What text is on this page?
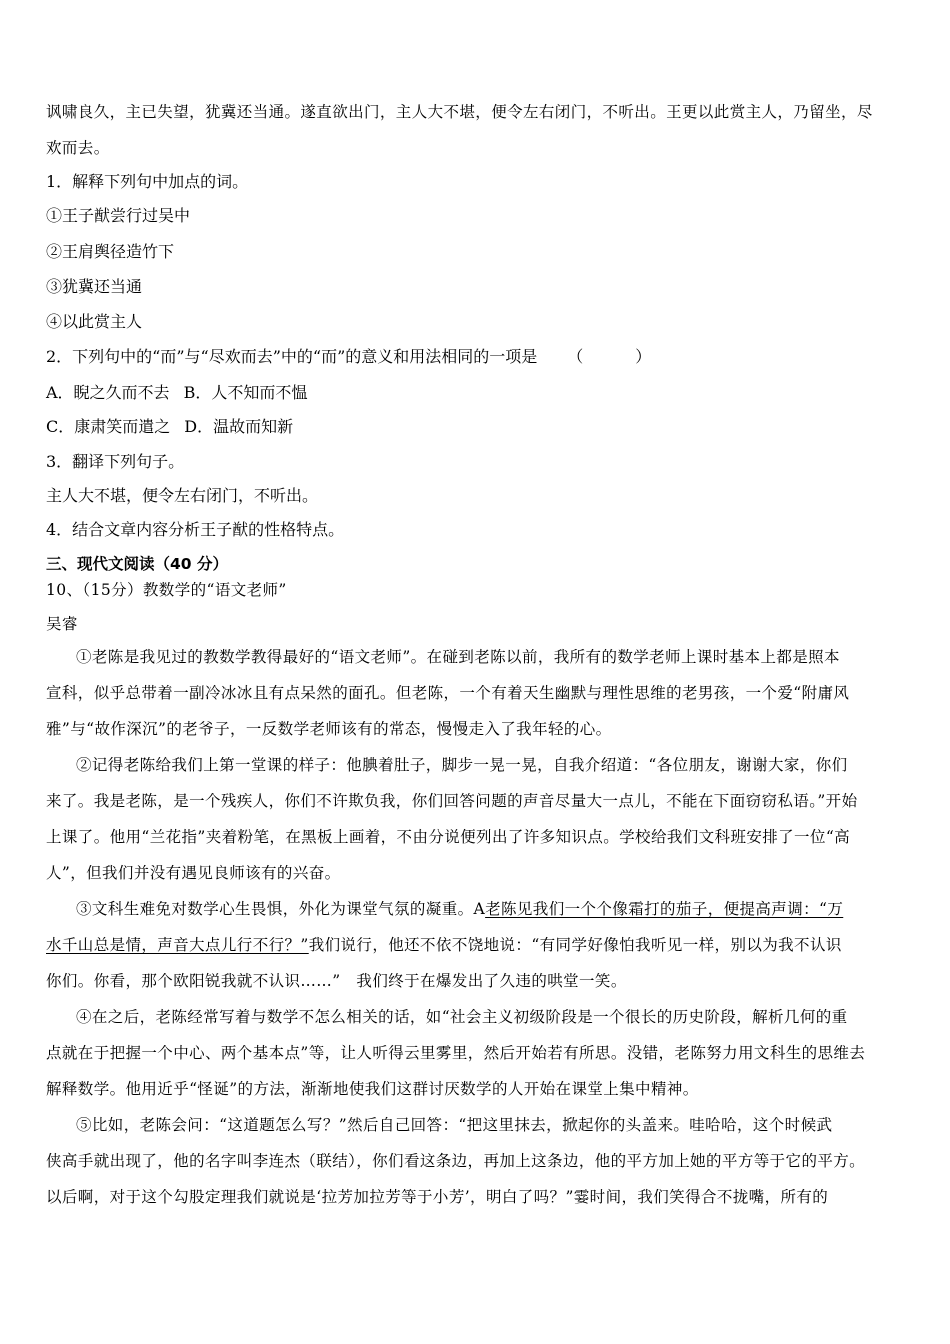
讽啸良久，主已失望，犹冀还当通。遂直欲出门，主人大不堪，便令左右闭门，不听出。王更以此赏主人，乃留坐，尽
欢而去。
1．解释下列句中加点的词。
①王子猷尝行过吴中
②王肩舆径造竹下
③犹冀还当通
④以此赏主人
2．下列句中的“而”与“尽欢而去”中的“而”的意义和用法相同的一项是 （	）
A．睨之久而不去 B．人不知而不愠
C．康肃笑而遣之 D．温故而知新
3．翻译下列句子。
主人大不堪，便令左右闭门，不听出。
4．结合文章内容分析王子猷的性格特点。
三、现代文阅读（40 分）
10、（15分）教数学的“语文老师”
吴睿
①老陈是我见过的教数学教得最好的“语文老师”。在碰到老陈以前，我所有的数学老师上课时基本上都是照本
宣科，似乎总带着一副冷冰冰且有点呆然的面孔。但老陈，一个有着天生幽默与理性思维的老男孩，一个爱“附庸风
雅”与“故作深沉”的老爷子，一反数学老师该有的常态，慢慢走入了我年轻的心。
②记得老陈给我们上第一堂课的样子：他腆着肚子，脚步一晃一晃，自我介绍道：“各位朋友，谢谢大家，你们
来了。我是老陈，是一个残疾人，你们不许欺负我，你们回答问题的声音尽量大一点儿，不能在下面窃窃私语。”开始
上课了。他用“兰花指”夹着粉笔，在黑板上画着，不由分说便列出了许多知识点。学校给我们文科班安排了一位“高
人”，但我们并没有遇见良师该有的兴奋。
③文科生难免对数学心生畏惧，外化为课堂气氛的凝重。A老陈见我们一个个像霜打的茄子，便提高声调：“万
水千山总是情，声音大点儿行不行？”我们说行，他还不依不饶地说：“有同学好像怕我听见一样，别以为我不认识
你们。你看，那个欧阳锐我就不认识……”　我们终于在爆发出了久违的哄堂一笑。
④在之后，老陈经常写着与数学不怎么相关的话，如“社会主义初级阶段是一个很长的历史阶段，解析几何的重
点就在于把握一个中心、两个基本点”等，让人听得云里雾里，然后开始若有所思。没错，老陈努力用文科生的思维去
解释数学。他用近乎“怪诞”的方法，渐渐地使我们这群讨厌数学的人开始在课堂上集中精神。
⑤比如，老陈会问：“这道题怎么写？”然后自己回答：“把这里抹去，掀起你的头盖来。哇哈哈，这个时候武
侠高手就出现了，他的名字叫李连杰（联结），你们看这条边，再加上这条边，他的平方加上她的平方等于它的平方。
以后啊，对于这个勾股定理我们就说是‘拉芳加拉芳等于小芳’，明白了吗？”霎时间，我们笑得合不拢嘴，所有的
